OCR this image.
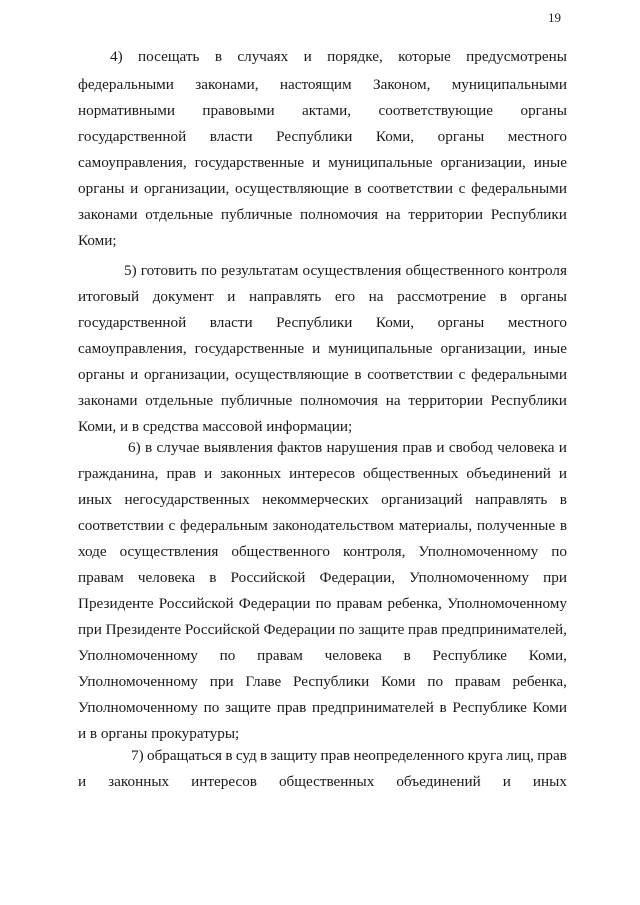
19
4) посещать в случаях и порядке, которые предусмотрены
федеральными законами, настоящим Законом, муниципальными
нормативными правовыми актами, соответствующие органы
государственной власти Республики Коми, органы местного
самоуправления, государственные и муниципальные организации, иные
органы и организации, осуществляющие в соответствии с федеральными
законами отдельные публичные полномочия на территории Республики
Коми;
5) готовить по результатам осуществления общественного контроля
итоговый документ и направлять его на рассмотрение в органы
государственной власти Республики Коми, органы местного
самоуправления, государственные и муниципальные организации, иные
органы и организации, осуществляющие в соответствии с федеральными
законами отдельные публичные полномочия на территории Республики
Коми, и в средства массовой информации;
6) в случае выявления фактов нарушения прав и свобод человека и
гражданина, прав и законных интересов общественных объединений и
иных негосударственных некоммерческих организаций направлять в
соответствии с федеральным законодательством материалы, полученные в
ходе осуществления общественного контроля, Уполномоченному по
правам человека в Российской Федерации, Уполномоченному при
Президенте Российской Федерации по правам ребенка, Уполномоченному
при Президенте Российской Федерации по защите прав предпринимателей,
Уполномоченному по правам человека в Республике Коми,
Уполномоченному при Главе Республики Коми по правам ребенка,
Уполномоченному по защите прав предпринимателей в Республике Коми
и в органы прокуратуры;
7) обращаться в суд в защиту прав неопределенного круга лиц, прав
и законных интересов общественных объединений и иных
